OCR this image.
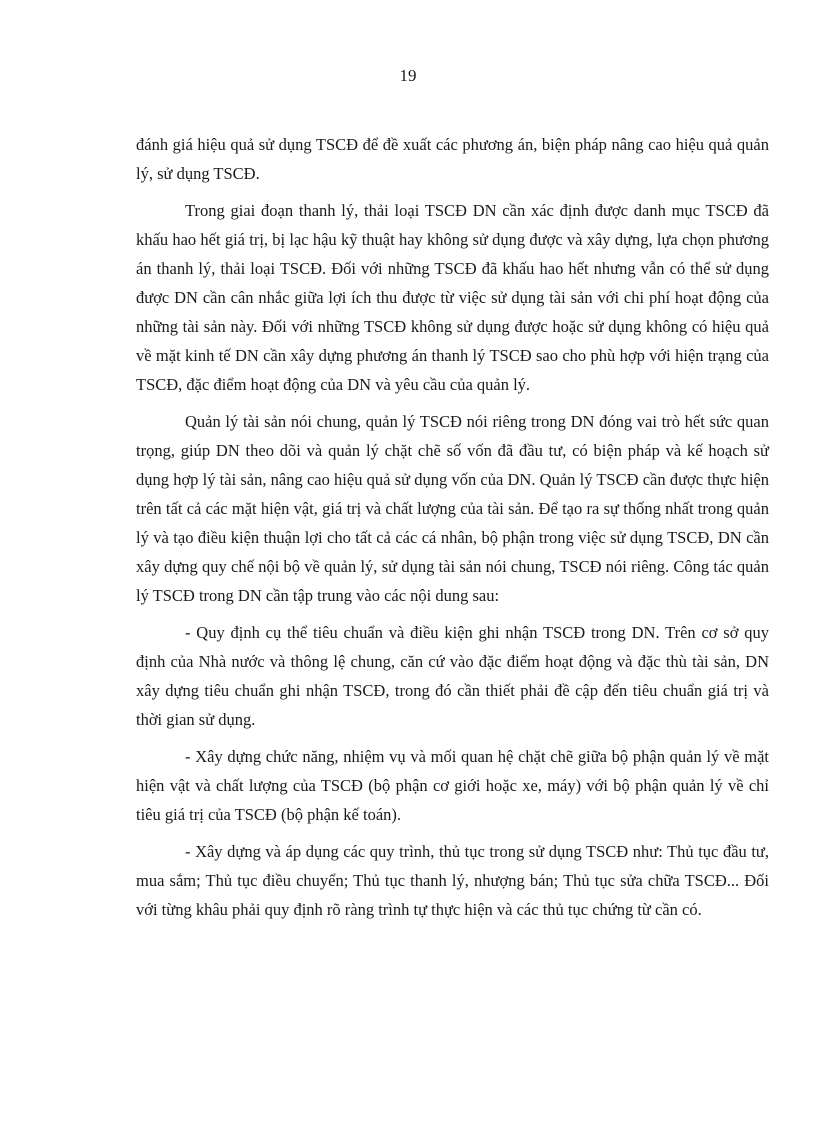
19

đánh giá hiệu quả sử dụng TSCĐ để đề xuất các phương án, biện pháp nâng cao hiệu quả quản lý, sử dụng TSCĐ.

Trong giai đoạn thanh lý, thải loại TSCĐ DN cần xác định được danh mục TSCĐ đã khấu hao hết giá trị, bị lạc hậu kỹ thuật hay không sử dụng được và xây dựng, lựa chọn phương án thanh lý, thải loại TSCĐ. Đối với những TSCĐ đã khấu hao hết nhưng vẫn có thể sử dụng được DN cần cân nhắc giữa lợi ích thu được từ việc sử dụng tài sản với chi phí hoạt động của những tài sản này. Đối với những TSCĐ không sử dụng được hoặc sử dụng không có hiệu quả về mặt kinh tế DN cần xây dựng phương án thanh lý TSCĐ sao cho phù hợp với hiện trạng của TSCĐ, đặc điểm hoạt động của DN và yêu cầu của quản lý.

Quản lý tài sản nói chung, quản lý TSCĐ nói riêng trong DN đóng vai trò hết sức quan trọng, giúp DN theo dõi và quản lý chặt chẽ số vốn đã đầu tư, có biện pháp và kế hoạch sử dụng hợp lý tài sản, nâng cao hiệu quả sử dụng vốn của DN. Quản lý TSCĐ cần được thực hiện trên tất cả các mặt hiện vật, giá trị và chất lượng của tài sản. Để tạo ra sự thống nhất trong quản lý và tạo điều kiện thuận lợi cho tất cả các cá nhân, bộ phận trong việc sử dụng TSCĐ, DN cần xây dựng quy chế nội bộ về quản lý, sử dụng tài sản nói chung, TSCĐ nói riêng. Công tác quản lý TSCĐ trong DN cần tập trung vào các nội dung sau:

- Quy định cụ thể tiêu chuẩn và điều kiện ghi nhận TSCĐ trong DN. Trên cơ sở quy định của Nhà nước và thông lệ chung, căn cứ vào đặc điểm hoạt động và đặc thù tài sản, DN xây dựng tiêu chuẩn ghi nhận TSCĐ, trong đó cần thiết phải đề cập đến tiêu chuẩn giá trị và thời gian sử dụng.

- Xây dựng chức năng, nhiệm vụ và mối quan hệ chặt chẽ giữa bộ phận quản lý về mặt hiện vật và chất lượng của TSCĐ (bộ phận cơ giới hoặc xe, máy) với bộ phận quản lý về chỉ tiêu giá trị của TSCĐ (bộ phận kế toán).

- Xây dựng và áp dụng các quy trình, thủ tục trong sử dụng TSCĐ như: Thủ tục đầu tư, mua sắm; Thủ tục điều chuyển; Thủ tục thanh lý, nhượng bán; Thủ tục sửa chữa TSCĐ... Đối với từng khâu phải quy định rõ ràng trình tự thực hiện và các thủ tục chứng từ cần có.
